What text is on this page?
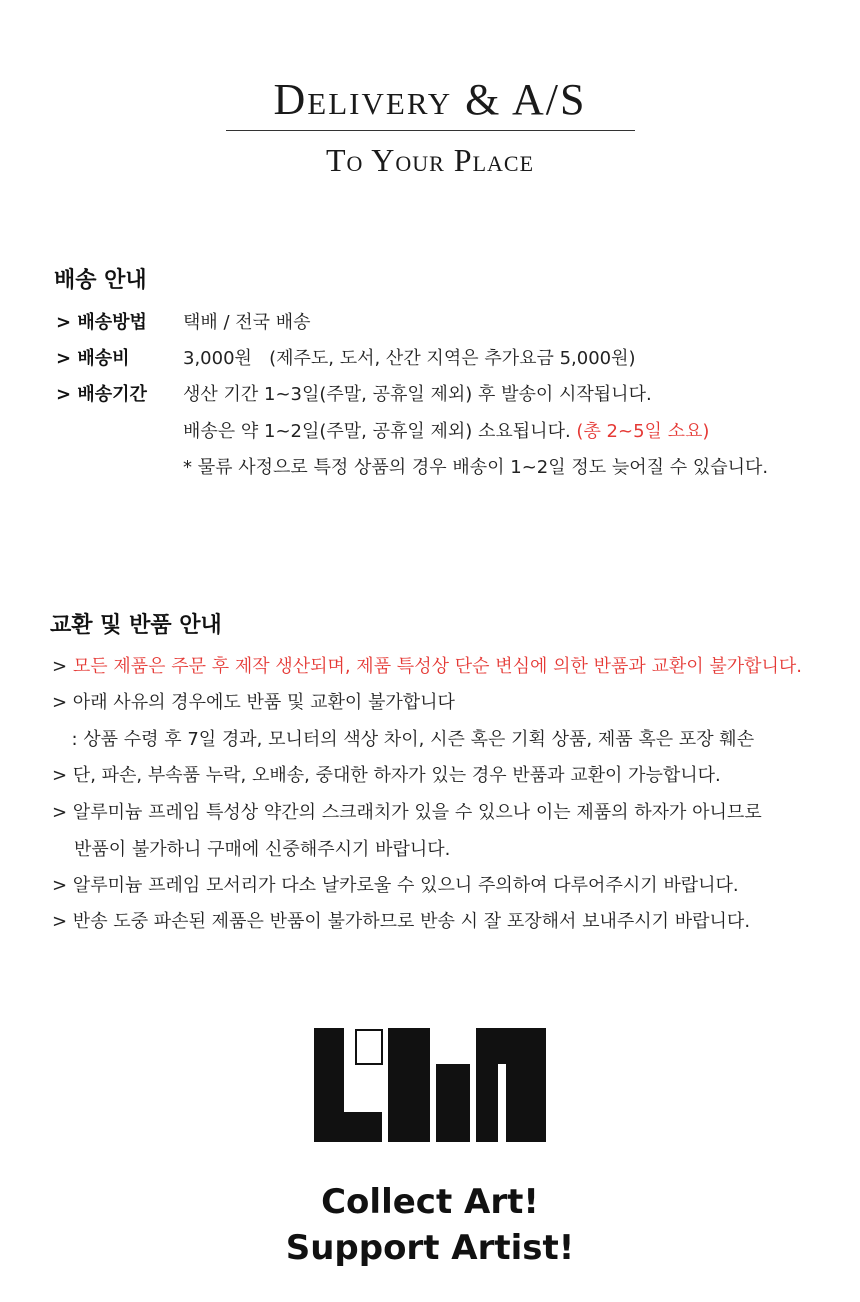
Delivery & A/S
To Your Place
배송 안내
> 배송방법 택배 / 전국 배송
> 배송비	3,000원   (제주도, 도서, 산간 지역은 추가요금 5,000원)
> 배송기간 생산 기간 1~3일(주말, 공휴일 제외) 후 발송이 시작됩니다.
배송은 약 1~2일(주말, 공휴일 제외) 소요됩니다. (총 2~5일 소요)
* 물류 사정으로 특정 상품의 경우 배송이 1~2일 정도 늦어질 수 있습니다.
교환 및 반품 안내
> 모든 제품은 주문 후 제작 생산되며, 제품 특성상 단순 변심에 의한 반품과 교환이 불가합니다.
> 아래 사유의 경우에도 반품 및 교환이 불가합니다
: 상품 수령 후 7일 경과, 모니터의 색상 차이, 시즌 혹은 기획 상품, 제품 혹은 포장 훼손
> 단, 파손, 부속품 누락, 오배송, 중대한 하자가 있는 경우 반품과 교환이 가능합니다.
> 알루미늄 프레임 특성상 약간의 스크래치가 있을 수 있으나 이는 제품의 하자가 아니므로
반품이 불가하니 구매에 신중해주시기 바랍니다.
> 알루미늄 프레임 모서리가 다소 날카로울 수 있으니 주의하여 다루어주시기 바랍니다.
> 반송 도중 파손된 제품은 반품이 불가하므로 반송 시 잘 포장해서 보내주시기 바랍니다.
Collect Art!
Support Artist!
